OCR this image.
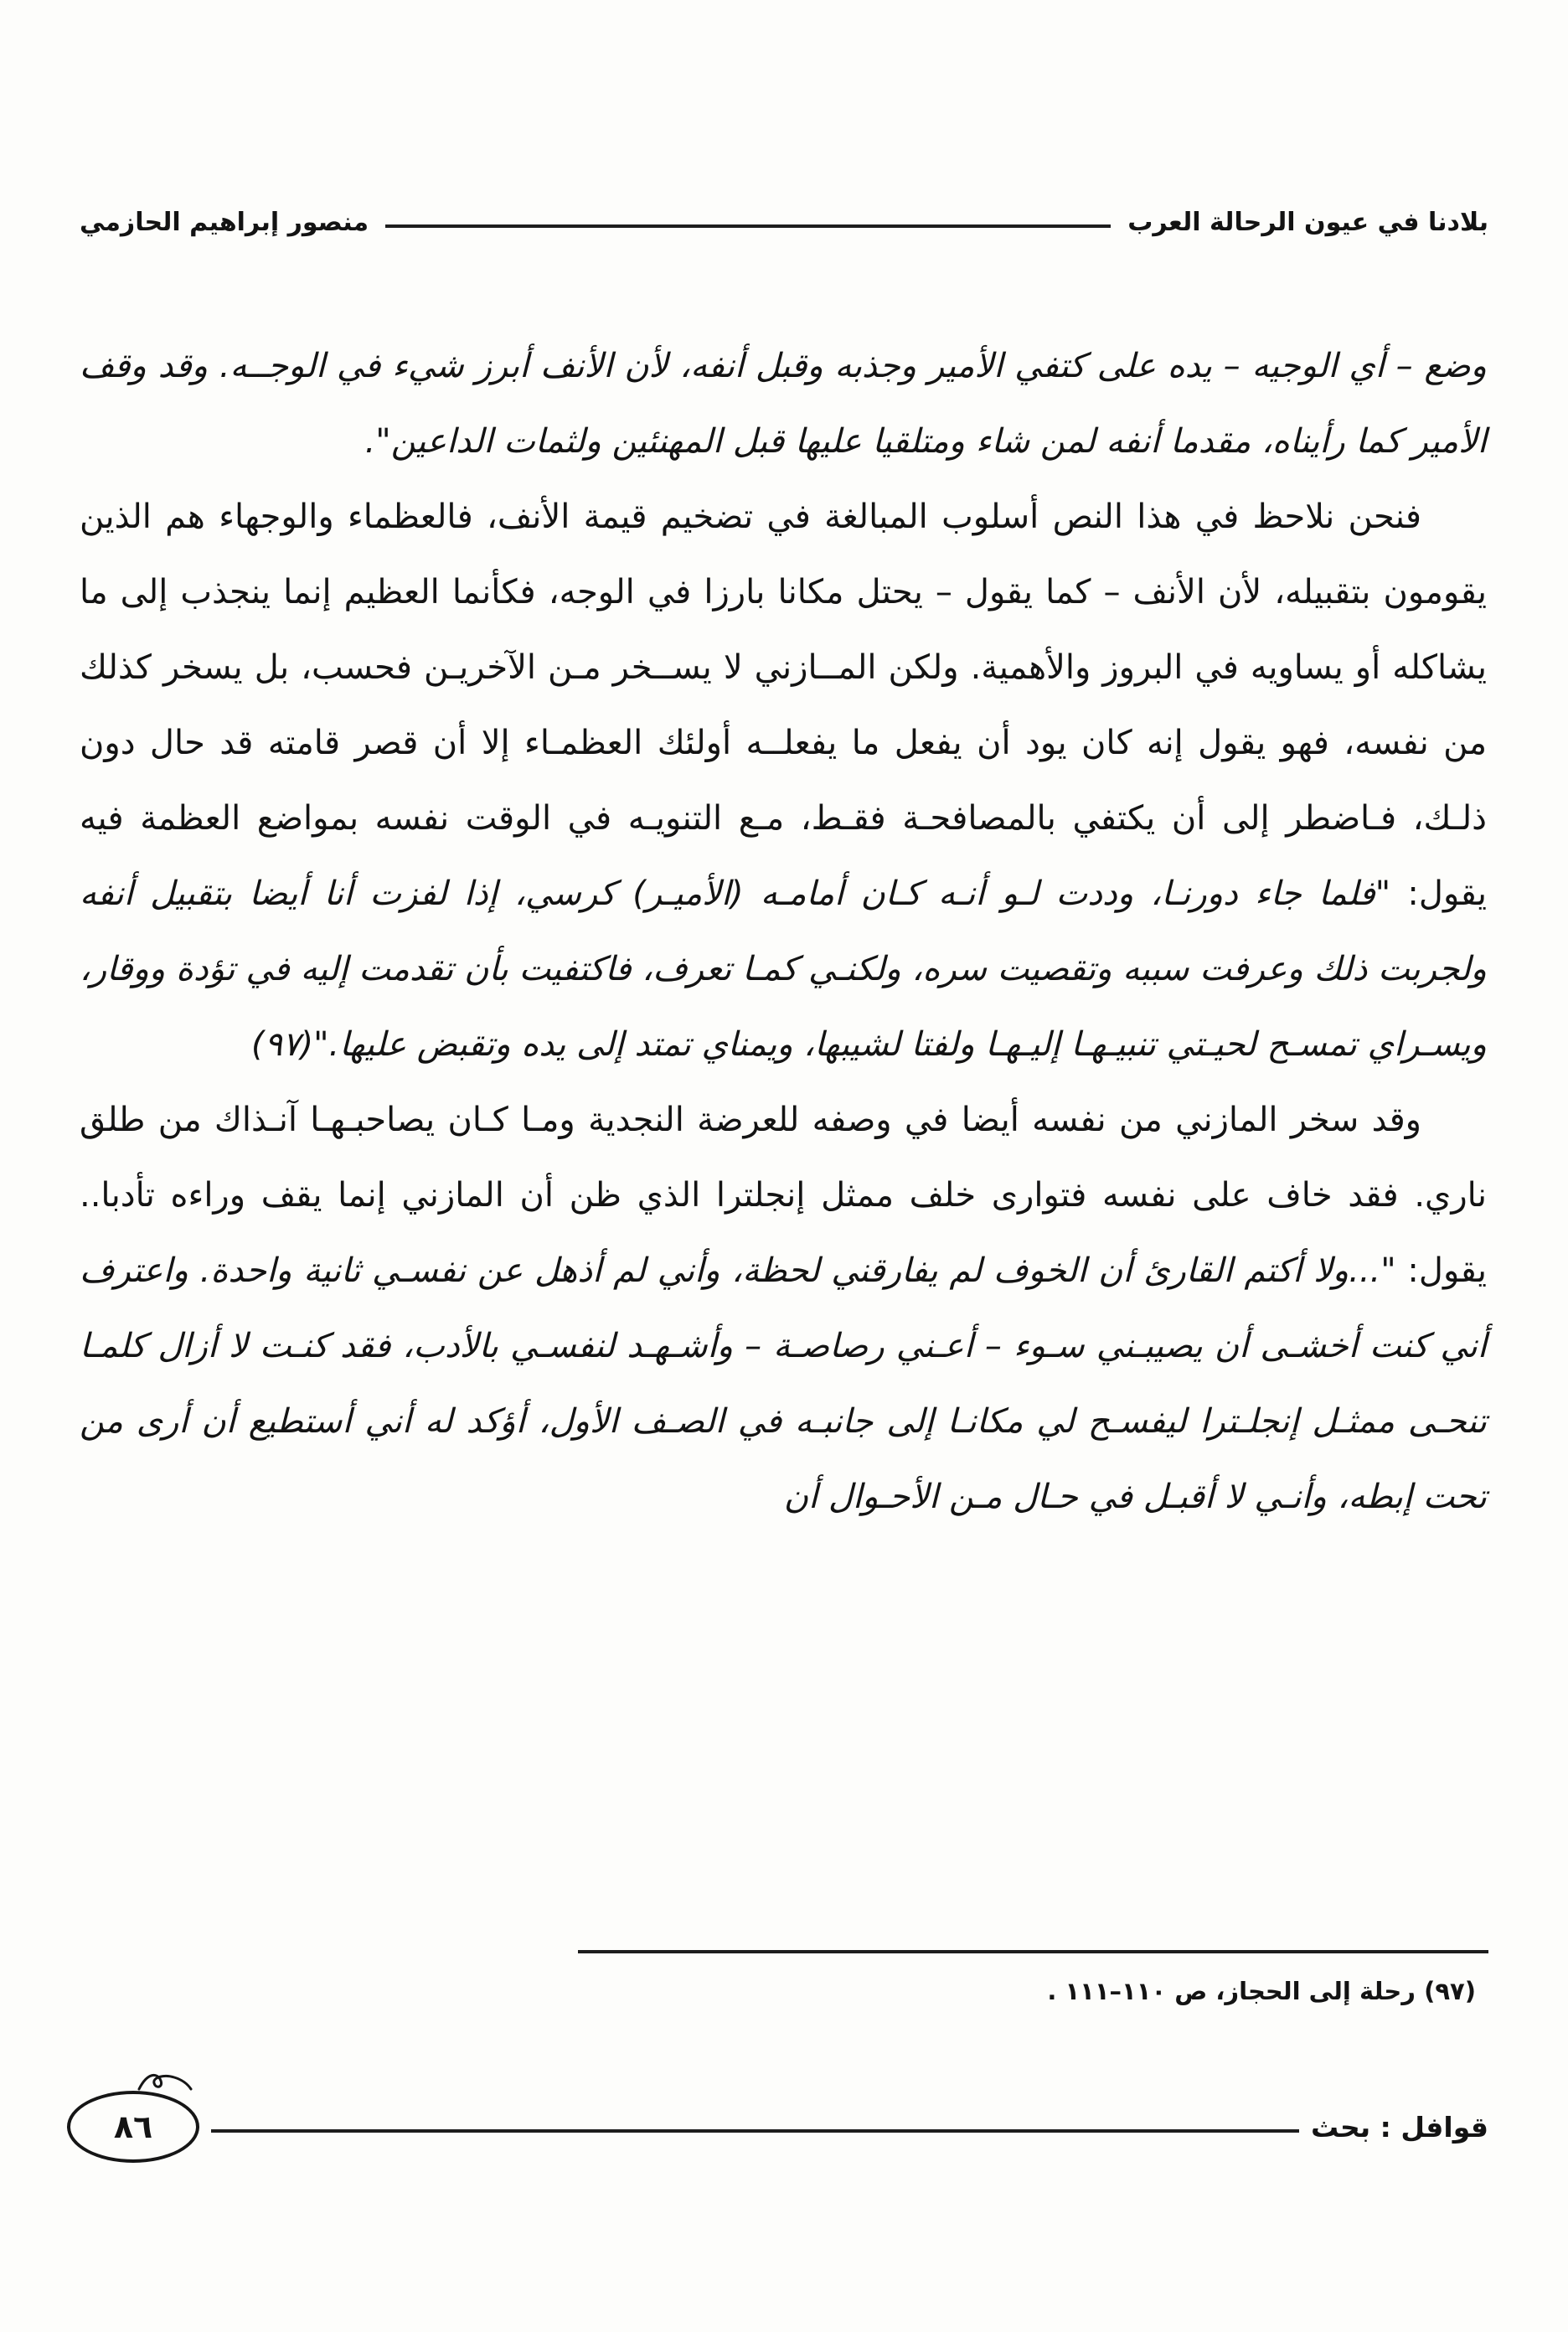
بلادنا في عيون الرحالة العرب
منصور إبراهيم الحازمي

وضع – أي الوجيه – يده على كتفي الأمير وجذبه وقبل أنفه، لأن الأنف أبرز شيء في الوجــه. وقد وقف الأمير كما رأيناه، مقدما أنفه لمن شاء ومتلقيا عليها قبل المهنئين ولثمات الداعين".

فنحن نلاحظ في هذا النص أسلوب المبالغة في تضخيم قيمة الأنف، فالعظماء والوجهاء هم الذين يقومون بتقبيله، لأن الأنف – كما يقول – يحتل مكانا بارزا في الوجه، فكأنما العظيم إنما ينجذب إلى ما يشاكله أو يساويه في البروز والأهمية. ولكن المــازني لا يســخر مـن الآخريـن فحسب، بل يسخر كذلك من نفسه، فهو يقول إنه كان يود أن يفعل ما يفعلــه أولئك العظمـاء إلا أن قصر قامته قد حال دون ذلـك، فـاضطر إلى أن يكتفي بالمصافحـة فقـط، مـع التنويـه في الوقت نفسه بمواضع العظمة فيه يقول: "فلما جاء دورنـا، وددت لـو أنـه كـان أمامـه (الأميـر) كرسي، إذا لفزت أنا أيضا بتقبيل أنفه ولجربت ذلك وعرفت سببه وتقصيت سره، ولكنـي كمـا تعرف، فاكتفيت بأن تقدمت إليه في تؤدة ووقار، ويسـراي تمسـح لحيـتي تنبيـهـا إليـهـا ولفتا لشيبها، ويمناي تمتد إلى يده وتقبض عليها."(٩٧)

وقد سخر المازني من نفسه أيضا في وصفه للعرضة النجدية ومـا كـان يصاحبـهـا آنـذاك من طلق ناري. فقد خاف على نفسه فتوارى خلف ممثل إنجلترا الذي ظن أن المازني إنما يقف وراءه تأدبا.. يقول: "...ولا أكتم القارئ أن الخوف لم يفارقني لحظة، وأني لم أذهل عن نفسـي ثانية واحدة. واعترف أني كنت أخشـى أن يصيبـني سـوء – أعـني رصاصـة – وأشـهـد لنفسـي بالأدب، فقد كنـت لا أزال كلمـا تنحـى ممثـل إنجلـترا ليفسـح لي مكانـا إلى جانبـه في الصـف الأول، أؤكد له أني أستطيع أن أرى من تحت إبطه، وأنـي لا أقبـل في حـال مـن الأحـوال أن

(٩٧) رحلة إلى الحجاز، ص ١١٠–١١١ .
قوافل : بحث
٨٦
